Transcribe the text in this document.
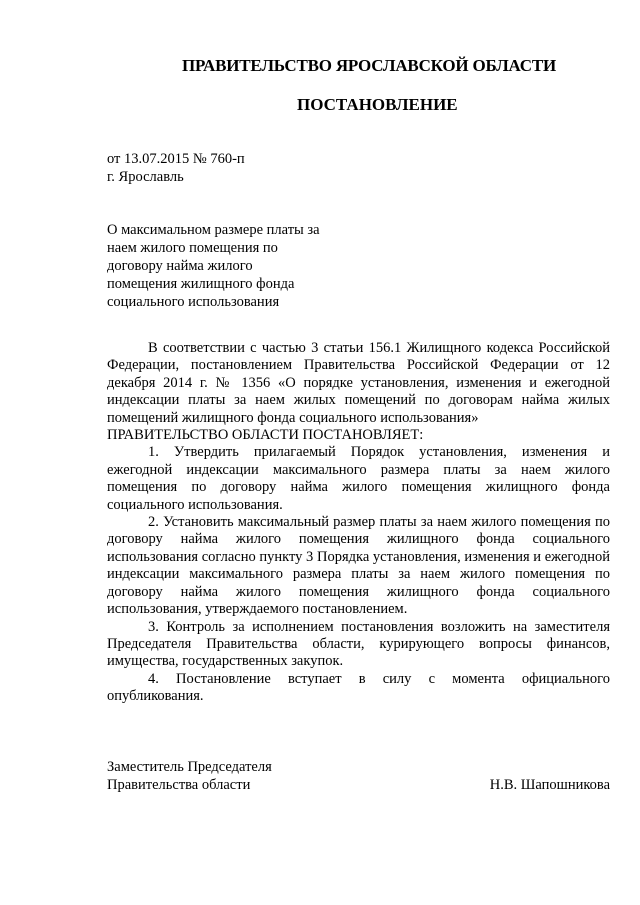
ПРАВИТЕЛЬСТВО ЯРОСЛАВСКОЙ ОБЛАСТИ
ПОСТАНОВЛЕНИЕ
от 13.07.2015 № 760-п
г. Ярославль
О максимальном размере платы за
наем жилого помещения по
договору найма жилого
помещения жилищного фонда
социального использования

В соответствии с частью 3 статьи 156.1 Жилищного кодекса Российской Федерации, постановлением Правительства Российской Федерации от 12 декабря 2014 г. № 1356 «О порядке установления, изменения и ежегодной индексации платы за наем жилых помещений по договорам найма жилых помещений жилищного фонда социального использования»

ПРАВИТЕЛЬСТВО ОБЛАСТИ ПОСТАНОВЛЯЕТ:

1. Утвердить прилагаемый Порядок установления, изменения и ежегодной индексации максимального размера платы за наем жилого помещения по договору найма жилого помещения жилищного фонда социального использования.

2. Установить максимальный размер платы за наем жилого помещения по договору найма жилого помещения жилищного фонда социального использования согласно пункту 3 Порядка установления, изменения и ежегодной индексации максимального размера платы за наем жилого помещения по договору найма жилого помещения жилищного фонда социального использования, утверждаемого постановлением.

3. Контроль за исполнением постановления возложить на заместителя Председателя Правительства области, курирующего вопросы финансов, имущества, государственных закупок.

4. Постановление вступает в силу с момента официального опубликования.

Заместитель Председателя
Правительства области	Н.В. Шапошникова
